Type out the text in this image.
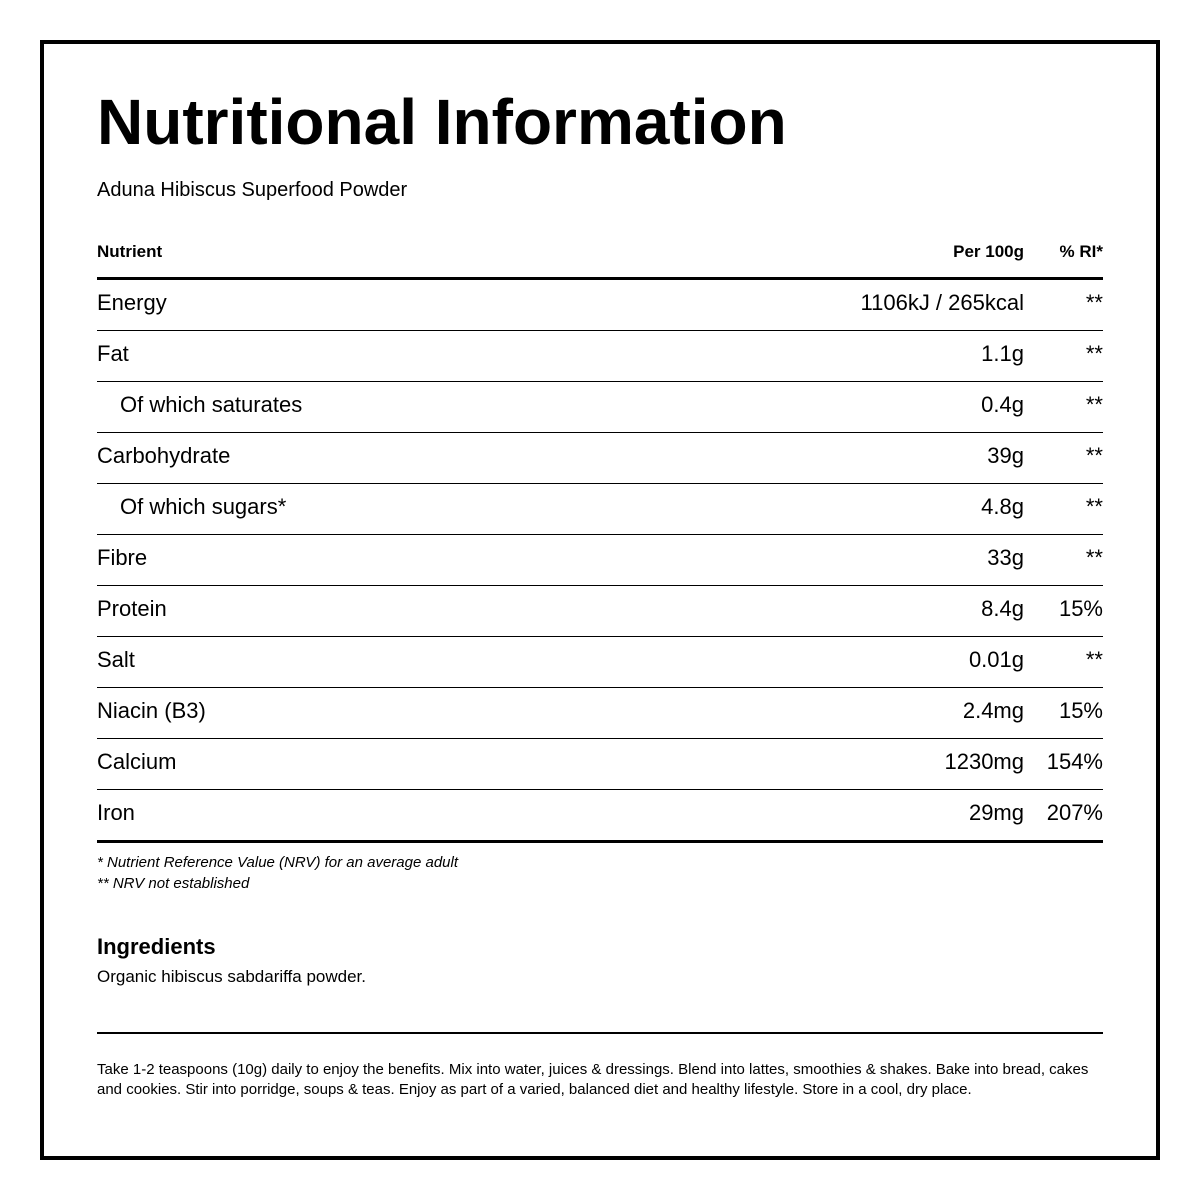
Nutritional Information
Aduna Hibiscus Superfood Powder
Nutrient	Per 100g % RI*
Energy	1106kJ / 265kcal	**
Fat	1.1g	**
Of which saturates	0.4g	**
Carbohydrate	39g	**
Of which sugars*	4.8g	**
Fibre	33g	**
Protein	8.4g 15%
Salt	0.01g	**
Niacin (B3)	2.4mg 15%
Calcium	1230mg 154%
Iron	29mg 207%
* Nutrient Reference Value (NRV) for an average adult
** NRV not established
Ingredients
Organic hibiscus sabdariffa powder.
Take 1-2 teaspoons (10g) daily to enjoy the benefits. Mix into water, juices & dressings. Blend into lattes, smoothies & shakes. Bake into bread, cakes and cookies. Stir into porridge, soups & teas. Enjoy as part of a varied, balanced diet and healthy lifestyle. Store in a cool, dry place.
